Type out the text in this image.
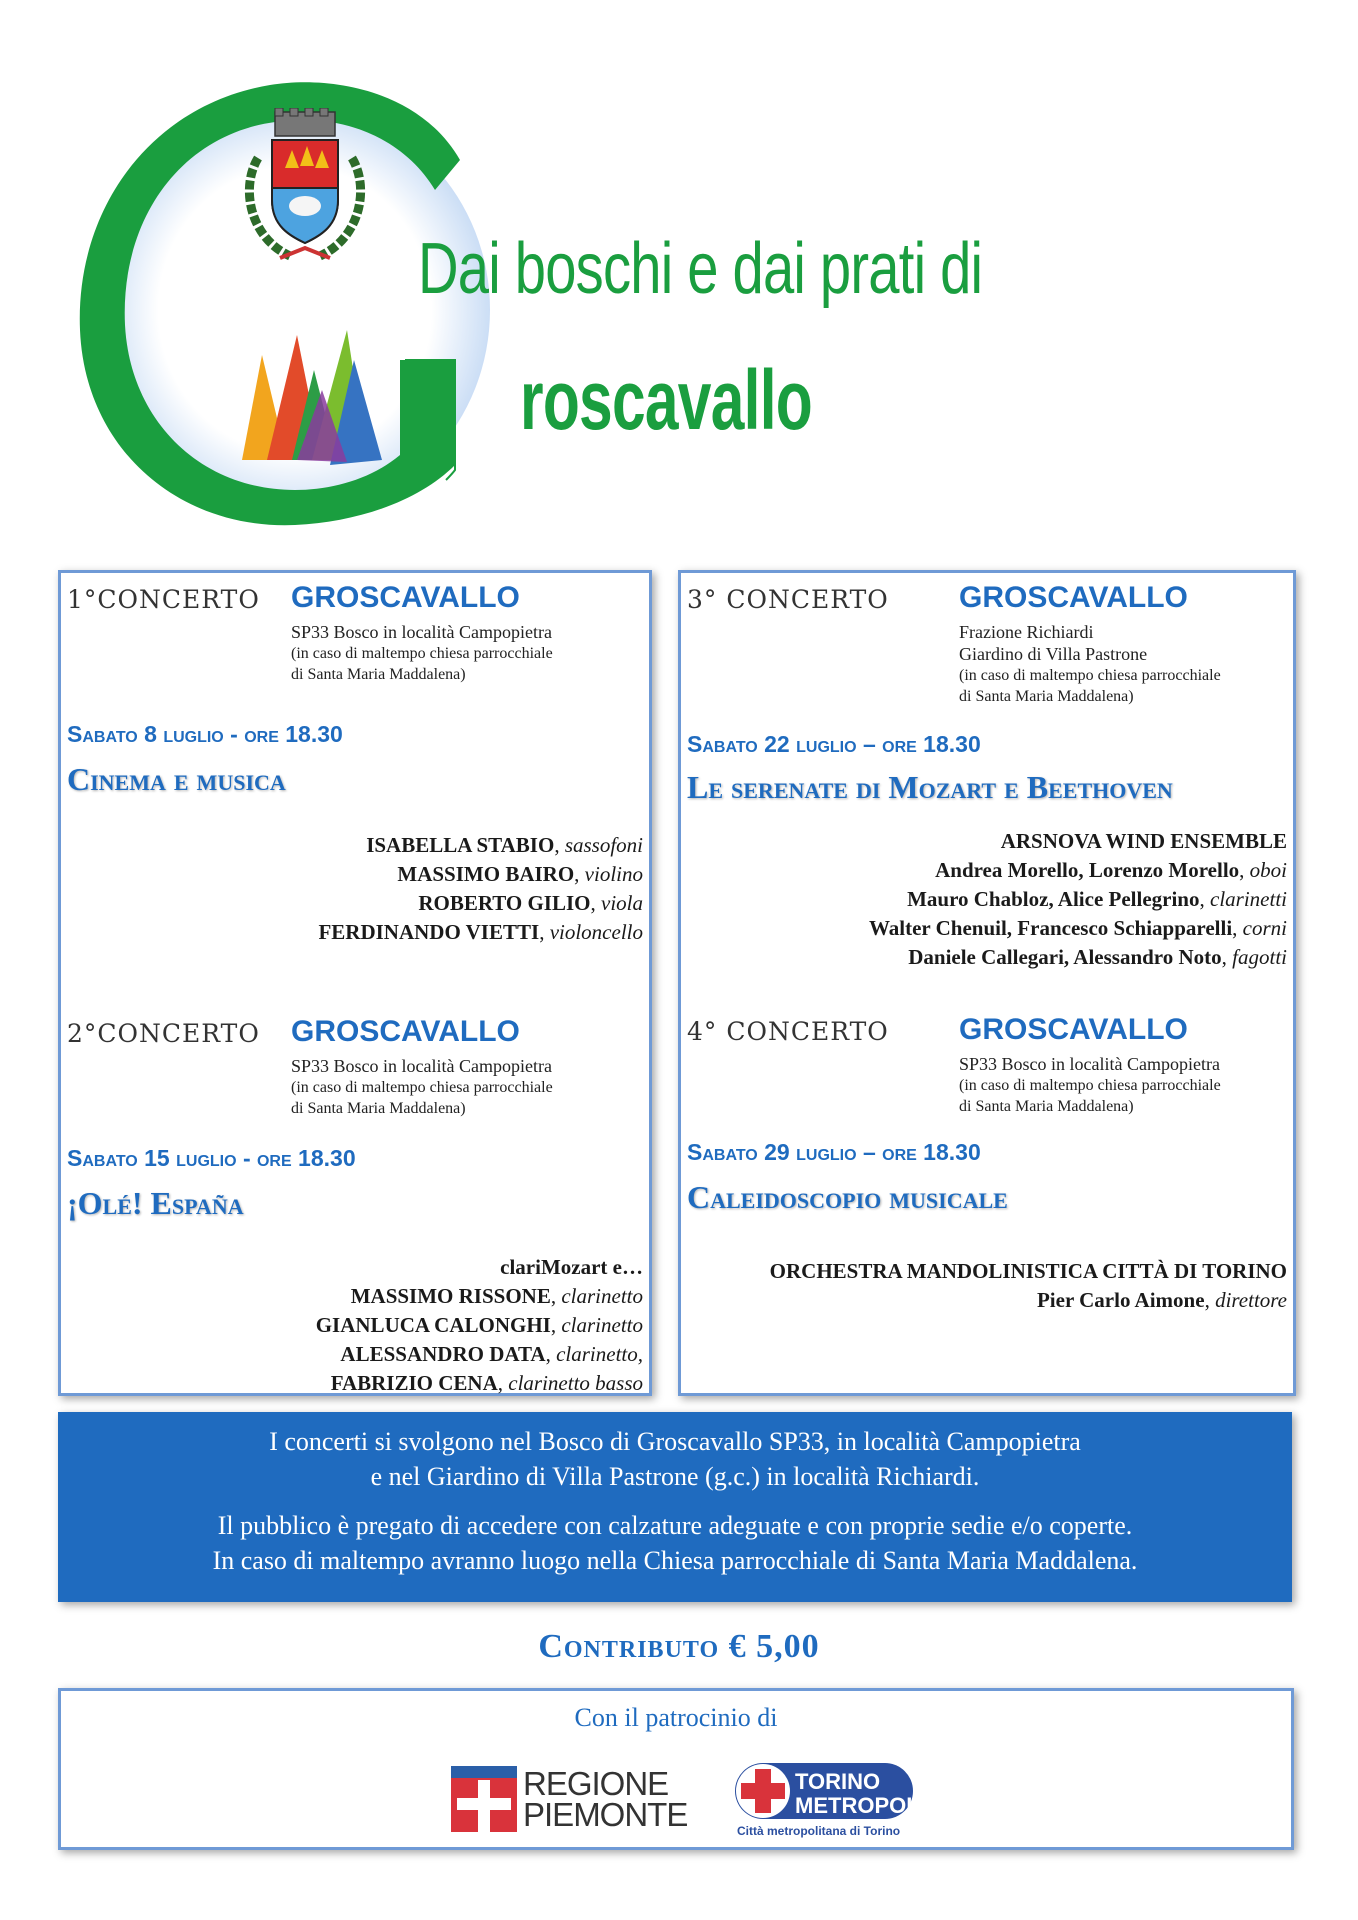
Dai boschi e dai prati di
roscavallo
1°CONCERTO GROSCAVALLO
SP33 Bosco in località Campopietra
(in caso di maltempo chiesa parrocchiale
di Santa Maria Maddalena)
Sabato 8 luglio - ore 18.30
Cinema e musica
ISABELLA STABIO, sassofoni
MASSIMO BAIRO, violino
ROBERTO GILIO, viola
FERDINANDO VIETTI, violoncello
2°CONCERTO GROSCAVALLO
SP33 Bosco in località Campopietra
(in caso di maltempo chiesa parrocchiale
di Santa Maria Maddalena)
Sabato 15 luglio - ore 18.30
¡Olé! España
clariMozart e…
MASSIMO RISSONE, clarinetto
GIANLUCA CALONGHI, clarinetto
ALESSANDRO DATA, clarinetto,
FABRIZIO CENA, clarinetto basso
3° CONCERTO GROSCAVALLO
Frazione Richiardi
Giardino di Villa Pastrone
(in caso di maltempo chiesa parrocchiale
di Santa Maria Maddalena)
Sabato 22 luglio – ore 18.30
Le serenate di Mozart e Beethoven
ARSNOVA WIND ENSEMBLE
Andrea Morello, Lorenzo Morello, oboi
Mauro Chabloz, Alice Pellegrino, clarinetti
Walter Chenuil, Francesco Schiapparelli, corni
Daniele Callegari, Alessandro Noto, fagotti
4° CONCERTO GROSCAVALLO
SP33 Bosco in località Campopietra
(in caso di maltempo chiesa parrocchiale
di Santa Maria Maddalena)
Sabato 29 luglio – ore 18.30
Caleidoscopio musicale
ORCHESTRA MANDOLINISTICA CITTÀ DI TORINO
Pier Carlo Aimone, direttore

I concerti si svolgono nel Bosco di Groscavallo SP33, in località Campopietra

e nel Giardino di Villa Pastrone (g.c.) in località Richiardi.

Il pubblico è pregato di accedere con calzature adeguate e con proprie sedie e/o coperte.

In caso di maltempo avranno luogo nella Chiesa parrocchiale di Santa Maria Maddalena.

Contributo € 5,00
Con il patrocinio di
REGIONE
PIEMONTE
TORINO
METROPOLI
Città metropolitana di Torino
